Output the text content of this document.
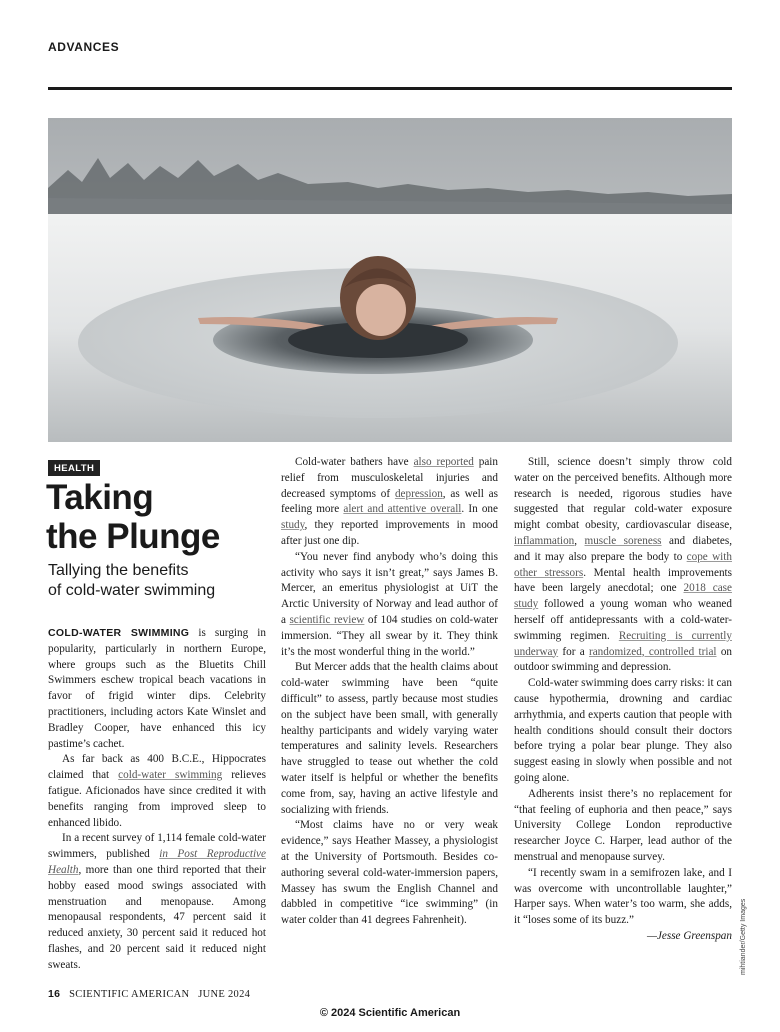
ADVANCES
mihtiander/Getty Images
HEALTH
Taking
the Plunge

Tallying the benefits
of cold-water swimming

COLD-WATER SWIMMING is surging in popularity, particularly in northern Europe, where groups such as the Bluetits Chill Swimmers eschew tropical beach vacations in favor of frigid winter dips. Celebrity practitioners, including actors Kate Winslet and Bradley Cooper, have enhanced this icy pastime’s cachet.

As far back as 400 B.C.E., Hippocrates claimed that cold-water swimming relieves fatigue. Aficionados have since credited it with benefits ranging from improved sleep to enhanced libido.

In a recent survey of 1,114 female cold-water swimmers, published in Post Reproductive Health, more than one third reported that their hobby eased mood swings associated with menstruation and menopause. Among menopausal respondents, 47 percent said it reduced anxiety, 30 percent said it reduced hot flashes, and 20 percent said it reduced night sweats.

Cold-water bathers have also reported pain relief from musculoskeletal injuries and decreased symptoms of depression, as well as feeling more alert and attentive overall. In one study, they reported improvements in mood after just one dip.

“You never find anybody who’s doing this activity who says it isn’t great,” says James B. Mercer, an emeritus physiologist at UiT the Arctic University of Norway and lead author of a scientific review of 104 studies on cold-water immersion. “They all swear by it. They think it’s the most wonderful thing in the world.”

But Mercer adds that the health claims about cold-water swimming have been “quite difficult” to assess, partly because most studies on the subject have been small, with generally healthy participants and widely varying water temperatures and salinity levels. Researchers have struggled to tease out whether the cold water itself is helpful or whether the benefits come from, say, having an active lifestyle and socializing with friends.

“Most claims have no or very weak evidence,” says Heather Massey, a physiologist at the University of Portsmouth. Besides co-authoring several cold-water-immersion papers, Massey has swum the English Channel and dabbled in competitive “ice swimming” (in water colder than 41 degrees Fahrenheit).

Still, science doesn’t simply throw cold water on the perceived benefits. Although more research is needed, rigorous studies have suggested that regular cold-water exposure might combat obesity, cardiovascular disease, inflammation, muscle soreness and diabetes, and it may also prepare the body to cope with other stressors. Mental health improvements have been largely anecdotal; one 2018 case study followed a young woman who weaned herself off antidepressants with a cold-water-swimming regimen. Recruiting is currently underway for a randomized, controlled trial on outdoor swimming and depression.

Cold-water swimming does carry risks: it can cause hypothermia, drowning and cardiac arrhythmia, and experts caution that people with health conditions should consult their doctors before trying a polar bear plunge. They also suggest easing in slowly when possible and not going alone.

Adherents insist there’s no replacement for “that feeling of euphoria and then peace,” says University College London reproductive researcher Joyce C. Harper, lead author of the menstrual and menopause survey.

“I recently swam in a semifrozen lake, and I was overcome with uncontrollable laughter,” Harper says. When water’s too warm, she adds, it “loses some of its buzz.”

—Jesse Greenspan

16 SCIENTIFIC AMERICAN JUNE 2024
© 2024 Scientific American
